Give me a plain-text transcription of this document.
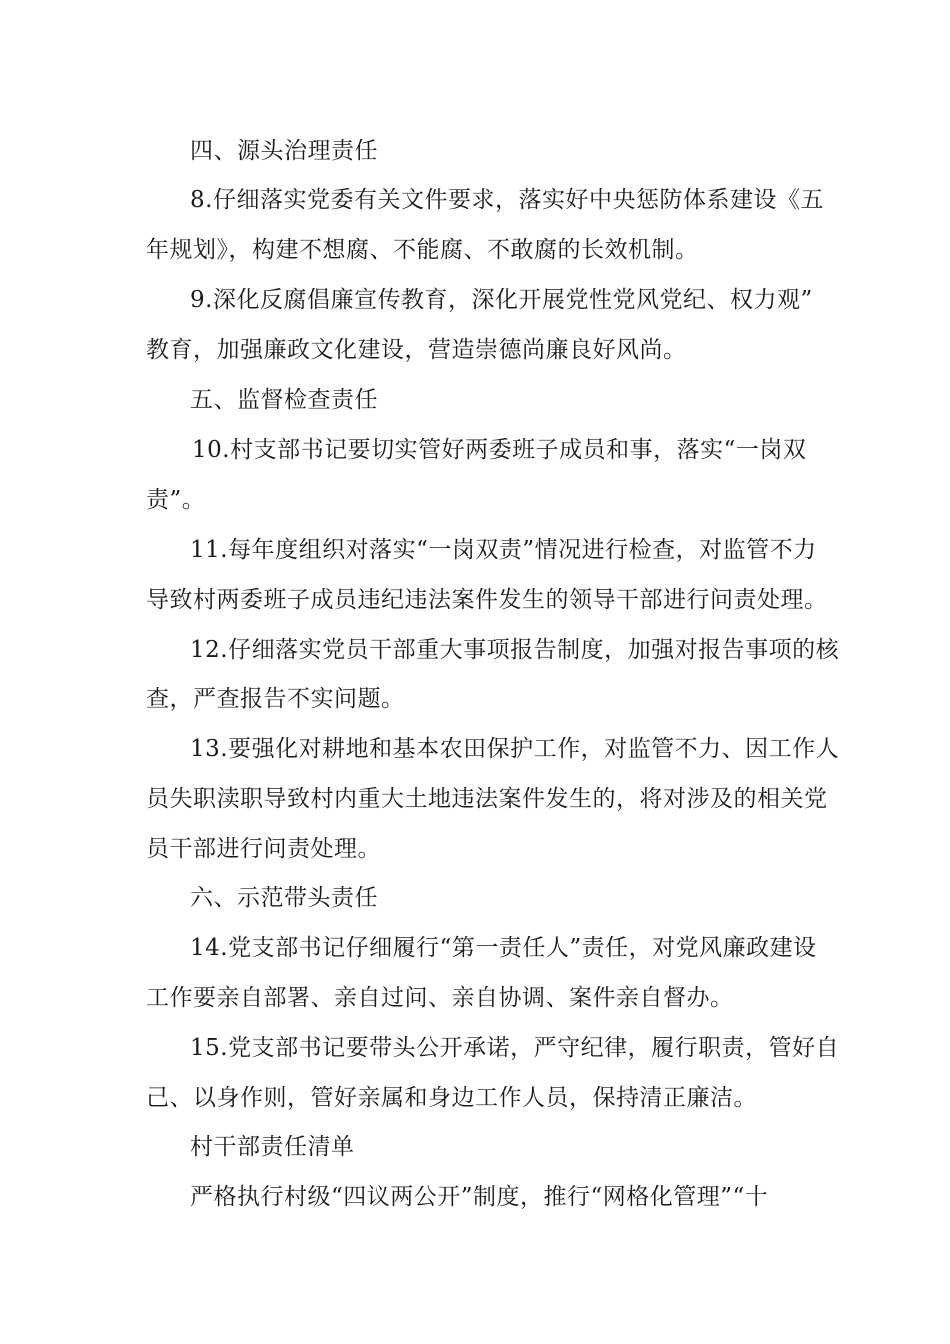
四、源头治理责任
8.仔细落实党委有关文件要求，落实好中央惩防体系建设《五
年规划》，构建不想腐、不能腐、不敢腐的长效机制。
9.深化反腐倡廉宣传教育，深化开展党性党风党纪、权力观”
教育，加强廉政文化建设，营造崇德尚廉良好风尚。
五、监督检查责任
10.村支部书记要切实管好两委班子成员和事，落实“一岗双
责”。
11.每年度组织对落实“一岗双责”情况进行检查，对监管不力
导致村两委班子成员违纪违法案件发生的领导干部进行问责处理。
12.仔细落实党员干部重大事项报告制度，加强对报告事项的核
查，严查报告不实问题。
13.要强化对耕地和基本农田保护工作，对监管不力、因工作人
员失职渎职导致村内重大土地违法案件发生的，将对涉及的相关党
员干部进行问责处理。
六、示范带头责任
14.党支部书记仔细履行“第一责任人”责任，对党风廉政建设
工作要亲自部署、亲自过问、亲自协调、案件亲自督办。
15.党支部书记要带头公开承诺，严守纪律，履行职责，管好自
己、以身作则，管好亲属和身边工作人员，保持清正廉洁。
村干部责任清单
严格执行村级“四议两公开”制度，推行“网格化管理”“十
